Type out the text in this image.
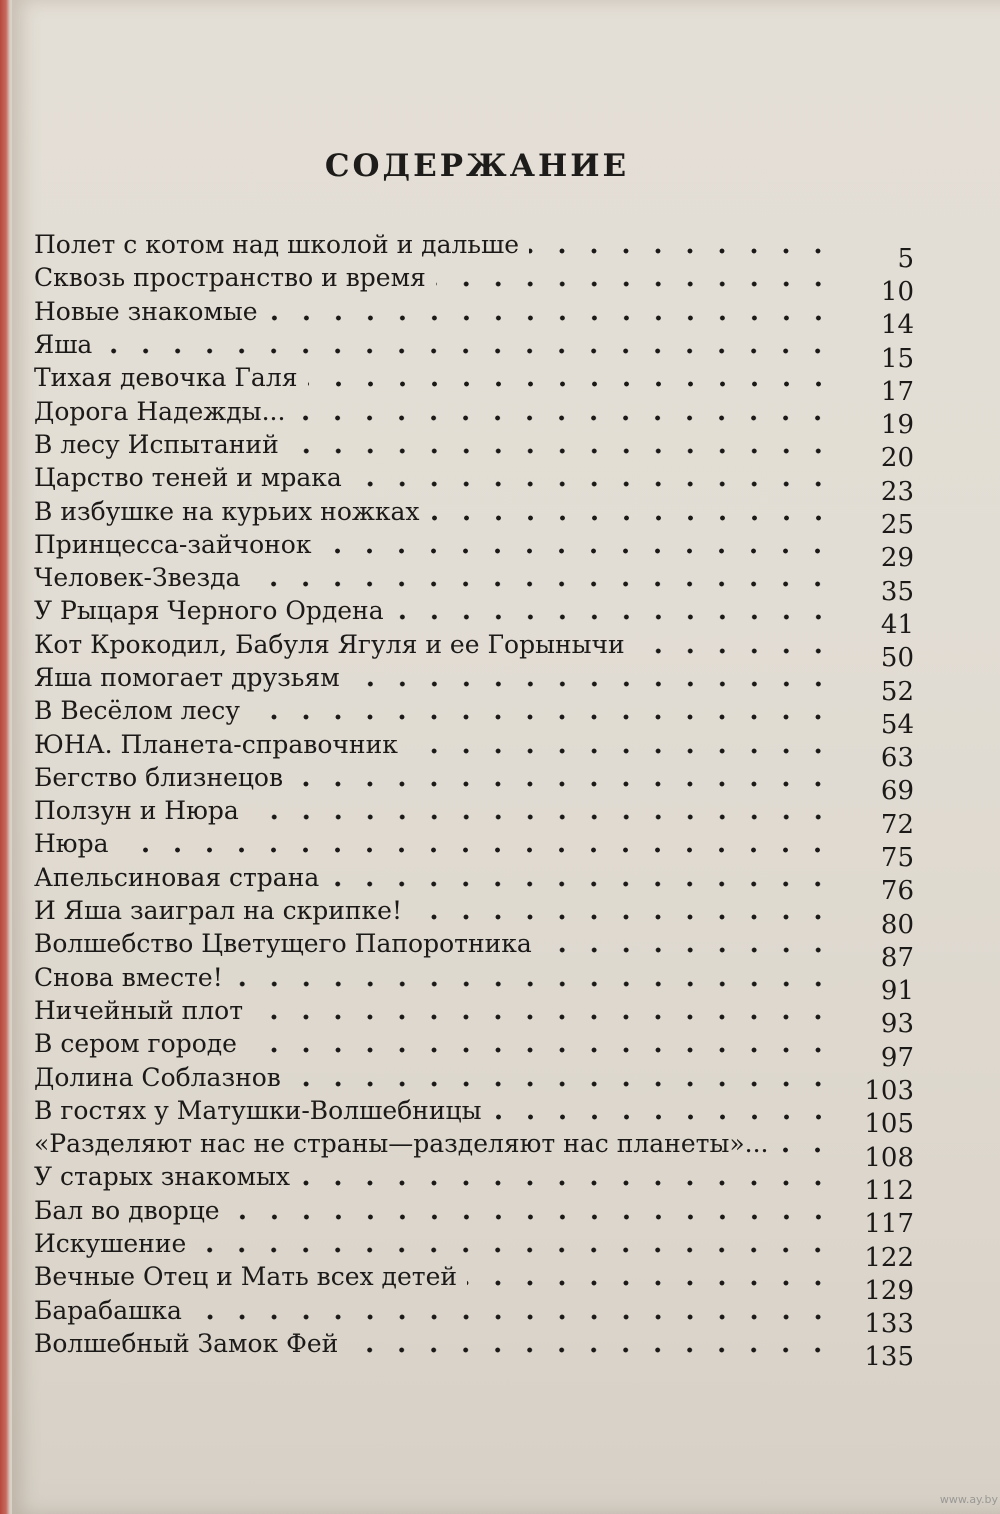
СОДЕРЖАНИЕ
Полет с котом над школой и дальше	5
Сквозь пространство и время	10
Новые знакомые	14
Яша	15
Тихая девочка Галя	17
Дорога Надежды...	19
В лесу Испытаний	20
Царство теней и мрака	23
В избушке на курьих ножках	25
Принцесса-зайчонок	29
Человек-Звезда	35
У Рыцаря Черного Ордена	41
Кот Крокодил, Бабуля Ягуля и ее Горынычи	50
Яша помогает друзьям	52
В Весёлом лесу	54
ЮНА. Планета-справочник	63
Бегство близнецов	69
Ползун и Нюра	72
Нюра	75
Апельсиновая страна	76
И Яша заиграл на скрипке!	80
Волшебство Цветущего Папоротника	87
Снова вместе!	91
Ничейный плот	93
В сером городе	97
Долина Соблазнов	103
В гостях у Матушки-Волшебницы	105
«Разделяют нас не страны—разделяют нас планеты»...	108
У старых знакомых	112
Бал во дворце	117
Искушение	122
Вечные Отец и Мать всех детей	129
Барабашка	133
Волшебный Замок Фей	135
www.ay.by
